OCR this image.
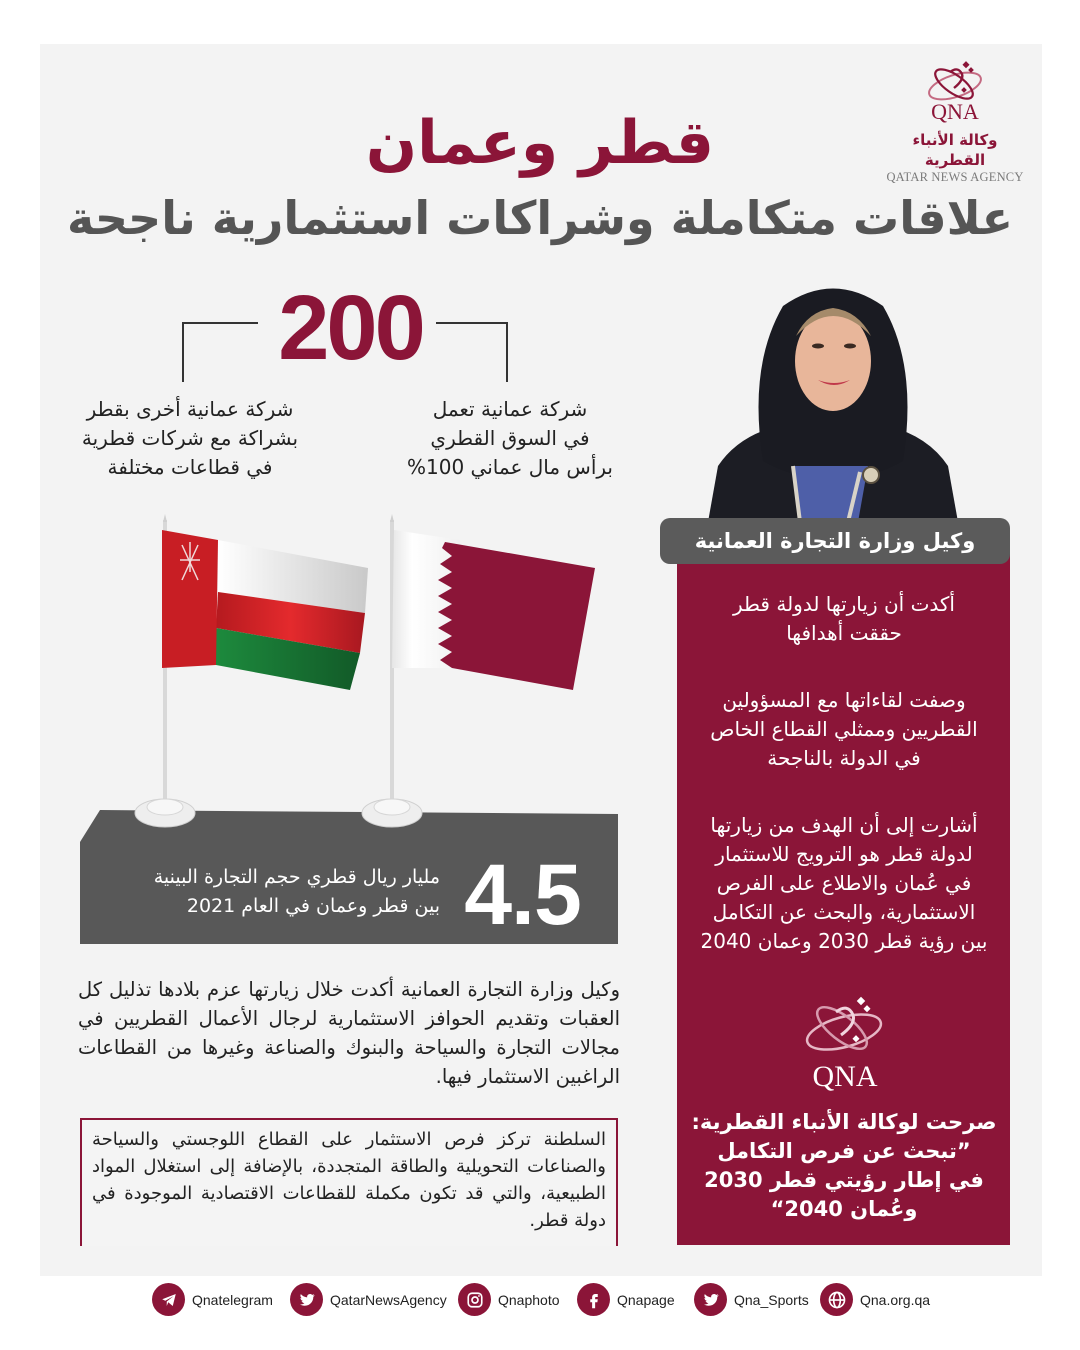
QNA
وكالة الأنباء القطرية
QATAR NEWS AGENCY
قطر وعمان
علاقات متكاملة وشراكات استثمارية ناجحة
200
شركة عمانية أخرى بقطر
بشراكة مع شركات قطرية
في قطاعات مختلفة
شركة عمانية تعمل
في السوق القطري
برأس مال عماني 100%
وكيل وزارة التجارة العمانية
أكدت أن زيارتها لدولة قطر
حققت أهدافها
وصفت لقاءاتها مع المسؤولين
القطريين وممثلي القطاع الخاص
في الدولة بالناجحة
أشارت إلى أن الهدف من زيارتها
لدولة قطر هو الترويج للاستثمار
في عُمان والاطلاع على الفرص
الاستثمارية، والبحث عن التكامل
بين رؤية قطر 2030 وعمان 2040
QNA
صرحت لوكالة الأنباء القطرية:
”تبحث عن فرص التكامل
في إطار رؤيتي قطر 2030
وعُمان 2040“
4.5
مليار ريال قطري حجم التجارة البينية
بين قطر وعمان في العام 2021
وكيل وزارة التجارة العمانية أكدت خلال زيارتها عزم بلادها تذليل كل العقبات وتقديم الحوافز الاستثمارية لرجال الأعمال القطريين في مجالات التجارة والسياحة والبنوك والصناعة وغيرها من القطاعات الراغبين الاستثمار فيها.
السلطنة تركز فرص الاستثمار على القطاع اللوجستي والسياحة والصناعات التحويلية والطاقة المتجددة، بالإضافة إلى استغلال المواد الطبيعية، والتي قد تكون مكملة للقطاعات الاقتصادية الموجودة في دولة قطر.
Qnatelegram	QatarNewsAgency	Qnaphoto	Qnapage	Qna_Sports	Qna.org.qa
